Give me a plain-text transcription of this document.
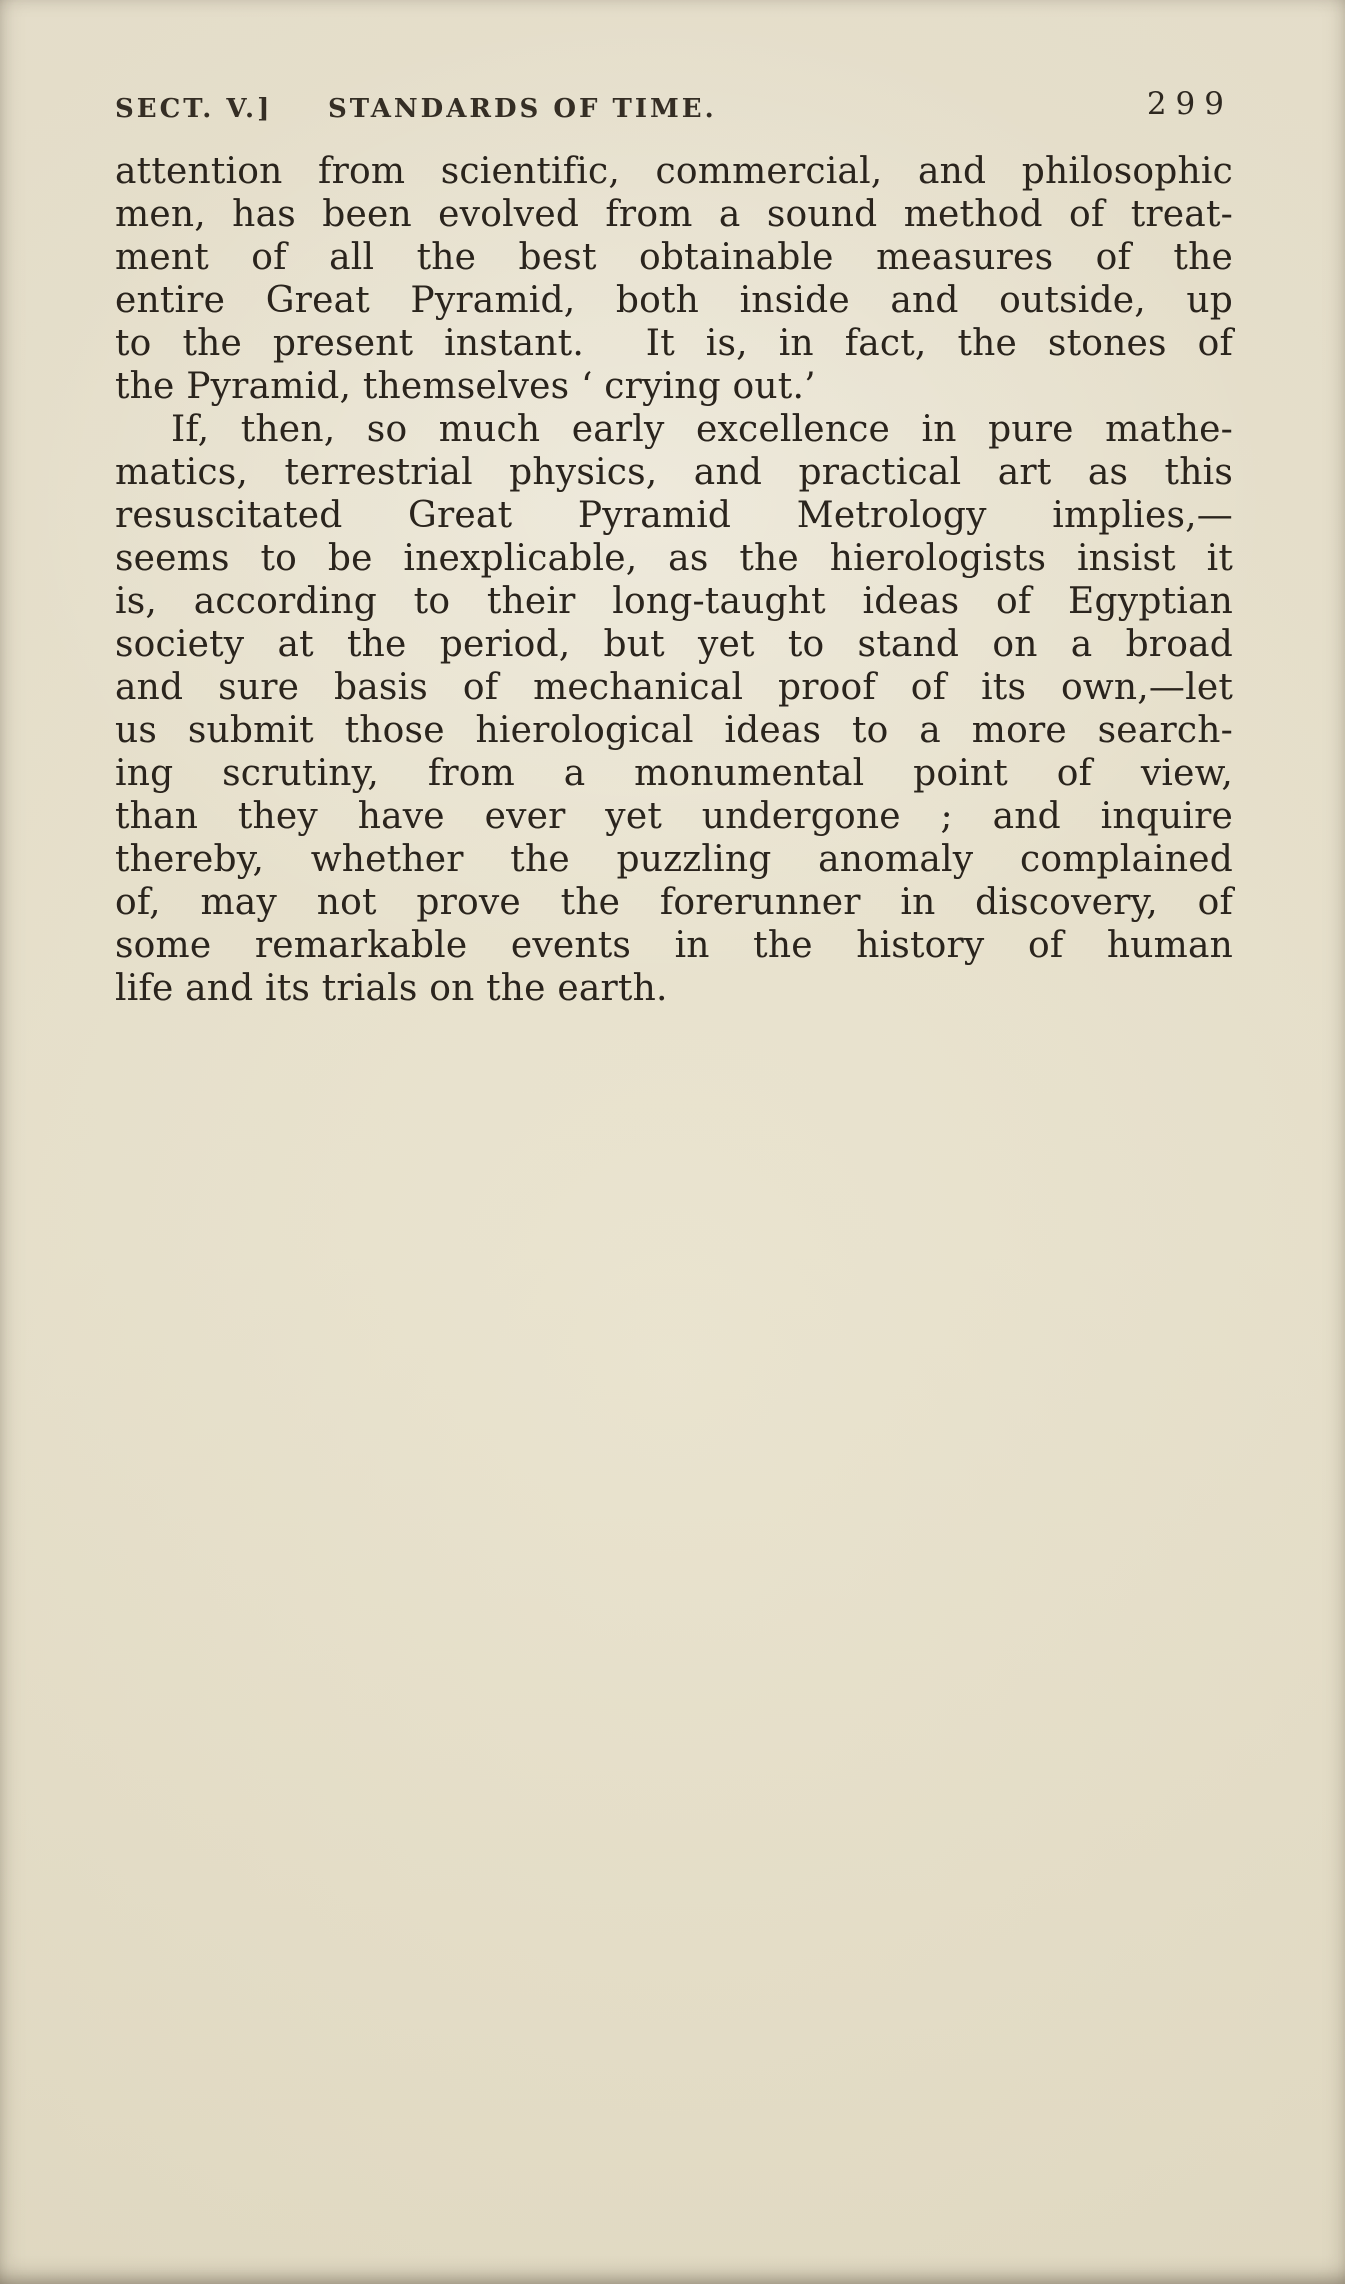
SECT. V.] STANDARDS OF TIME.	299
attention from scientific, commercial, and philosophic
men, has been evolved from a sound method of treat-
ment of all the best obtainable measures of the
entire Great Pyramid, both inside and outside, up
to the present instant.  It is, in fact, the stones of
the Pyramid, themselves ‘ crying out.’
If, then, so much early excellence in pure mathe-
matics, terrestrial physics, and practical art as this
resuscitated Great Pyramid Metrology implies,—
seems to be inexplicable, as the hierologists insist it
is, according to their long-taught ideas of Egyptian
society at the period, but yet to stand on a broad
and sure basis of mechanical proof of its own,—let
us submit those hierological ideas to a more search-
ing scrutiny, from a monumental point of view,
than they have ever yet undergone ; and inquire
thereby, whether the puzzling anomaly complained
of, may not prove the forerunner in discovery, of
some remarkable events in the history of human
life and its trials on the earth.
